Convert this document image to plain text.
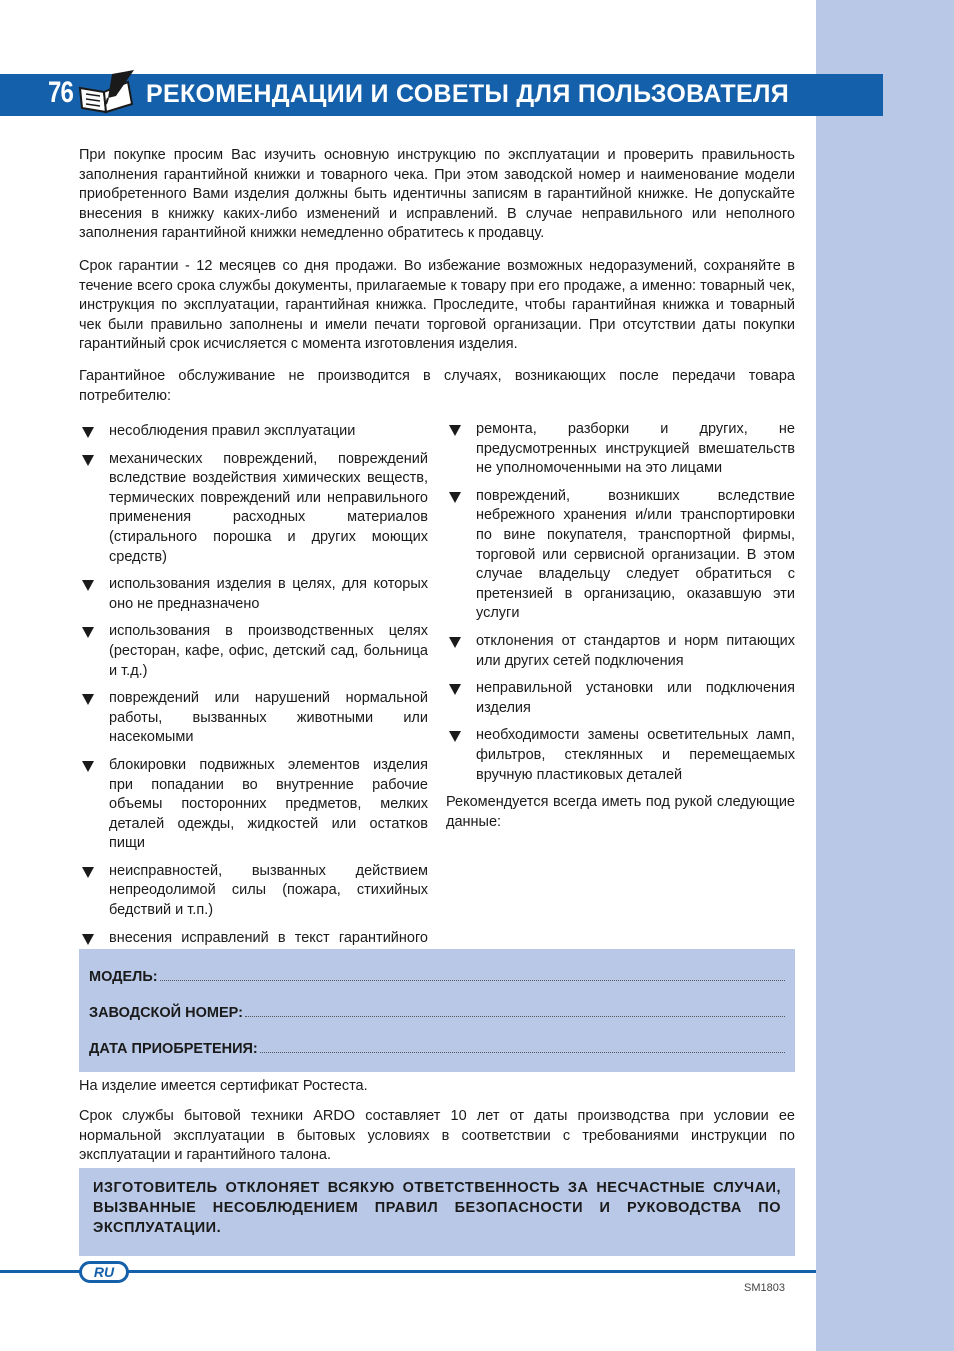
76	РЕКОМЕНДАЦИИ И СОВЕТЫ ДЛЯ ПОЛЬЗОВАТЕЛЯ

При покупке просим Вас изучить основную инструкцию по эксплуатации и проверить правильность заполнения гарантийной книжки и товарного чека. При этом заводской номер и наименование модели приобретенного Вами изделия должны быть идентичны записям в гарантийной книжке. Не допускайте внесения в книжку каких-либо изменений и исправлений. В случае неправильного или неполного заполнения гарантийной книжки немедленно обратитесь к продавцу.

Срок гарантии - 12 месяцев со дня продажи. Во избежание возможных недоразумений, сохраняйте в течение всего срока службы документы, прилагаемые к товару при его продаже, а именно: товарный чек, инструкция по эксплуатации, гарантийная книжка. Проследите, чтобы гарантийная книжка и товарный чек были правильно заполнены и имели печати торговой организации. При отсутствии даты покупки гарантийный срок исчисляется с момента изготовления изделия.

Гарантийное обслуживание не производится в случаях, возникающих после передачи товара потребителю:

несоблюдения правил эксплуатации
механических повреждений, повреждений вследствие воздействия химических веществ, термических повреждений или неправильного применения расходных материалов (стирального порошка и других моющих средств)
использования изделия в целях, для которых оно не предназначено
использования в производственных целях (ресторан, кафе, офис, детский сад, больница и т.д.)
повреждений или нарушений нормальной работы, вызванных животными или насекомыми
блокировки подвижных элементов изделия при попадании во внутренние рабочие объемы посторонних предметов, мелких деталей одежды, жидкостей или остатков пищи
неисправностей, вызванных действием непреодолимой силы (пожара, стихийных бедствий и т.п.)
внесения исправлений в текст гарантийного
ремонта, разборки и других, не предусмотренных инструкцией вмешательств не уполномоченными на это лицами
повреждений, возникших вследствие небрежного хранения и/или транспортировки по вине покупателя, транспортной фирмы, торговой или сервисной организации. В этом случае владельцу следует обратиться с претензией в организацию, оказавшую эти услуги
отклонения от стандартов и норм питающих или других сетей подключения
неправильной установки или подключения изделия
необходимости замены осветительных ламп, фильтров, стеклянных и перемещаемых вручную пластиковых деталей

Рекомендуется всегда иметь под рукой следующие данные:

МОДЕЛЬ:
ЗАВОДСКОЙ НОМЕР:
ДАТА ПРИОБРЕТЕНИЯ:

На изделие имеется сертификат Ростеста.

Срок службы бытовой техники ARDO составляет 10 лет от даты производства при условии ее нормальной эксплуатации в бытовых условиях в соответствии с требованиями инструкции по эксплуатации и гарантийного талона.

ИЗГОТОВИТЕЛЬ ОТКЛОНЯЕТ ВСЯКУЮ ОТВЕТСТВЕННОСТЬ ЗА НЕСЧАСТНЫЕ СЛУЧАИ, ВЫЗВАННЫЕ НЕСОБЛЮДЕНИЕМ ПРАВИЛ БЕЗОПАСНОСТИ И РУКОВОДСТВА ПО ЭКСПЛУАТАЦИИ.

RU
SM1803
